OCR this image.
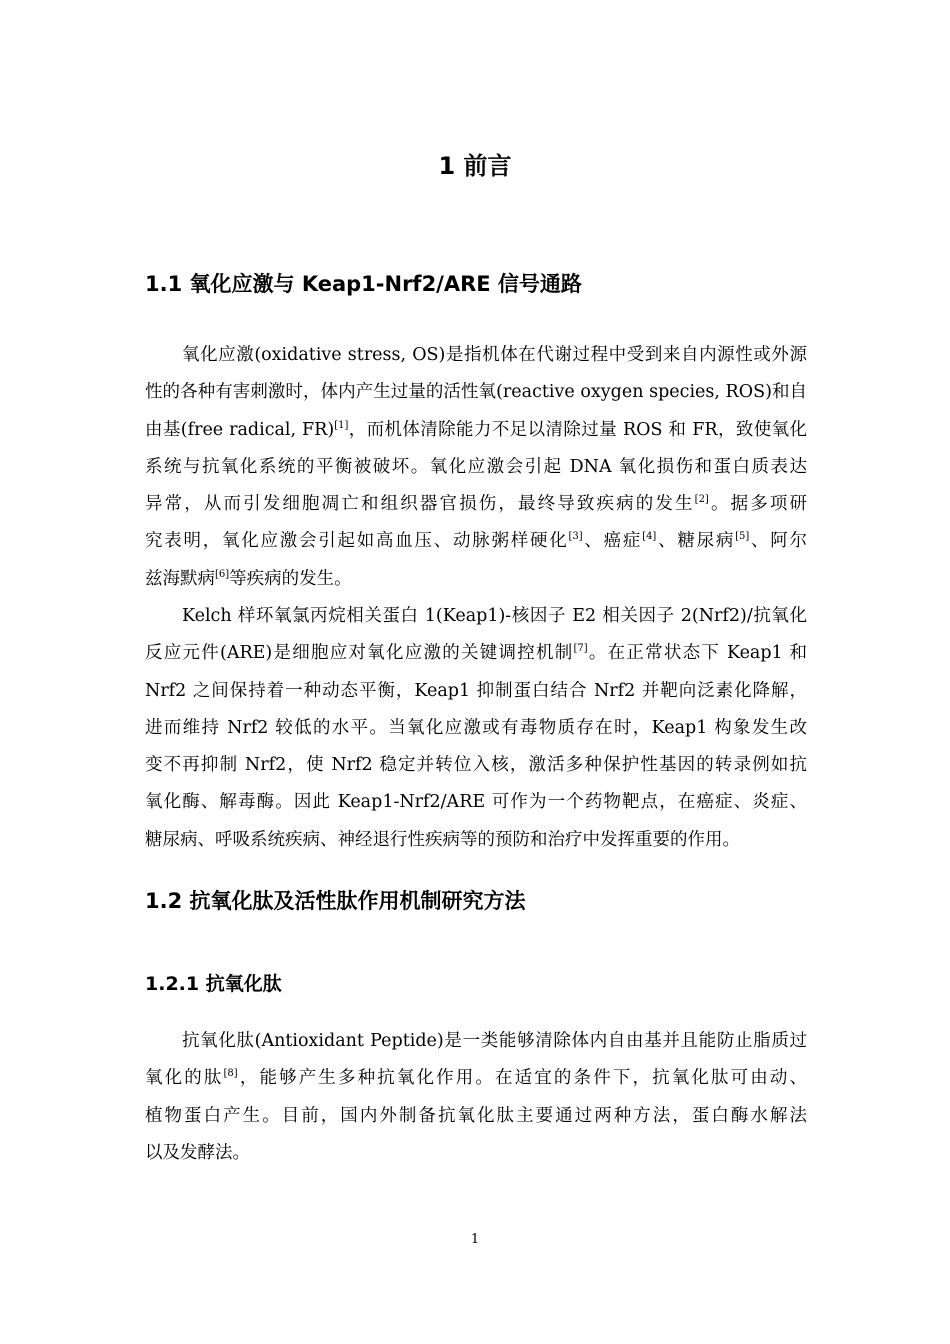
1 前言
1.1 氧化应激与 Keap1-Nrf2/ARE 信号通路
氧化应激(oxidative stress, OS)是指机体在代谢过程中受到来自内源性或外源
性的各种有害刺激时，体内产生过量的活性氧(reactive oxygen species, ROS)和自
由基(free radical, FR)[1]，而机体清除能力不足以清除过量 ROS 和 FR，致使氧化
系统与抗氧化系统的平衡被破坏。氧化应激会引起 DNA 氧化损伤和蛋白质表达
异常，从而引发细胞凋亡和组织器官损伤，最终导致疾病的发生[2]。据多项研
究表明，氧化应激会引起如高血压、动脉粥样硬化[3]、癌症[4]、糖尿病[5]、阿尔
兹海默病[6]等疾病的发生。
Kelch 样环氧氯丙烷相关蛋白 1(Keap1)-核因子 E2 相关因子 2(Nrf2)/抗氧化
反应元件(ARE)是细胞应对氧化应激的关键调控机制[7]。在正常状态下 Keap1 和
Nrf2 之间保持着一种动态平衡，Keap1 抑制蛋白结合 Nrf2 并靶向泛素化降解，
进而维持 Nrf2 较低的水平。当氧化应激或有毒物质存在时，Keap1 构象发生改
变不再抑制 Nrf2，使 Nrf2 稳定并转位入核，激活多种保护性基因的转录例如抗
氧化酶、解毒酶。因此 Keap1-Nrf2/ARE 可作为一个药物靶点，在癌症、炎症、
糖尿病、呼吸系统疾病、神经退行性疾病等的预防和治疗中发挥重要的作用。
1.2 抗氧化肽及活性肽作用机制研究方法
1.2.1 抗氧化肽
抗氧化肽(Antioxidant Peptide)是一类能够清除体内自由基并且能防止脂质过
氧化的肽[8]，能够产生多种抗氧化作用。在适宜的条件下，抗氧化肽可由动、
植物蛋白产生。目前，国内外制备抗氧化肽主要通过两种方法，蛋白酶水解法
以及发酵法。
1
